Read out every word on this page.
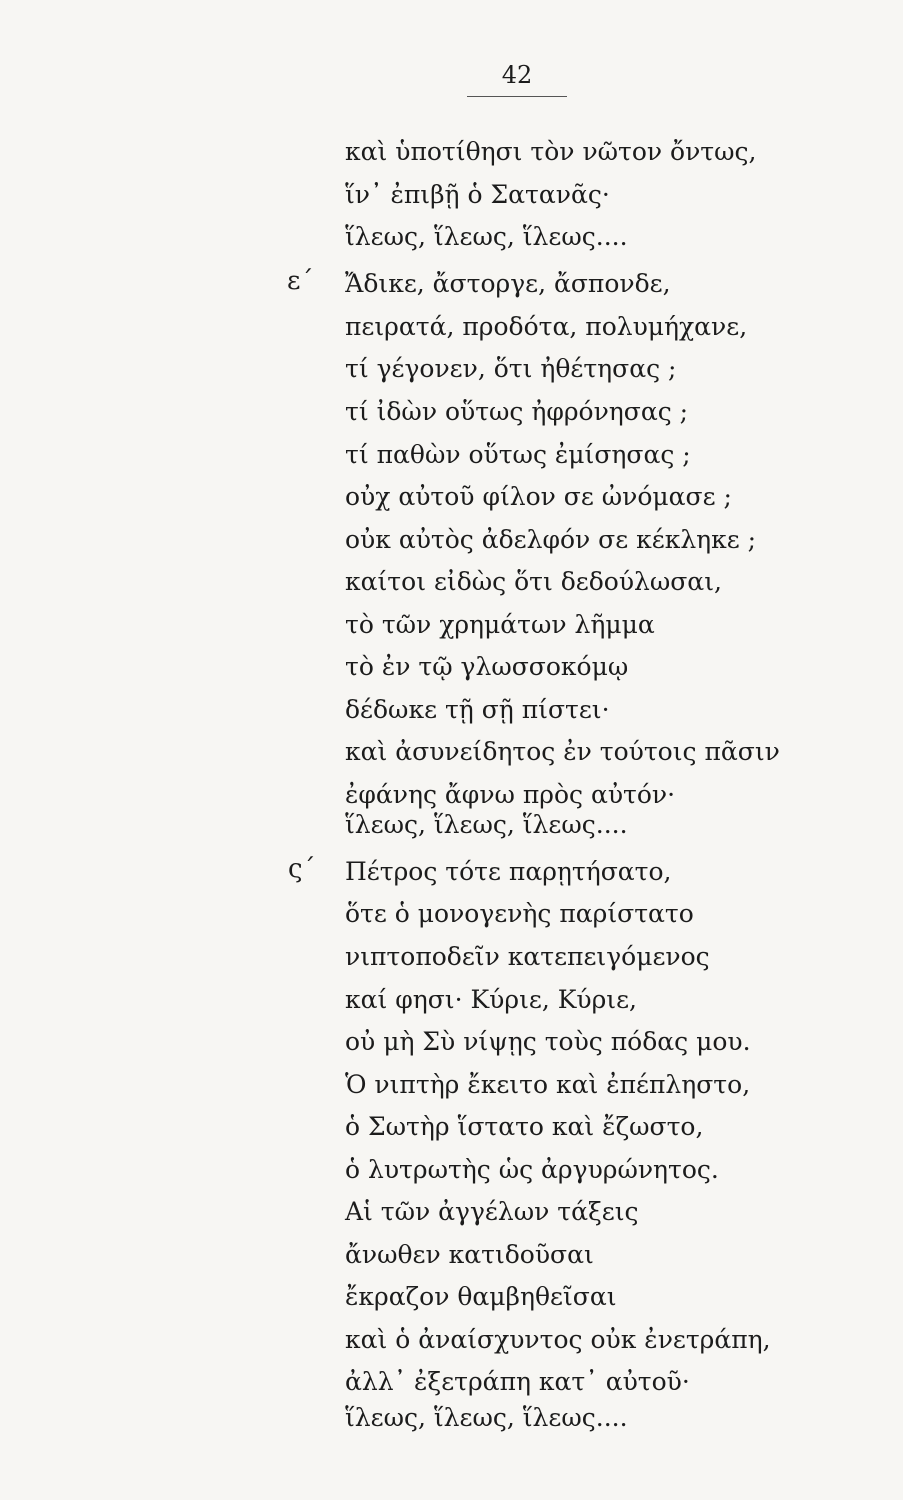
42
ε΄
καὶ ὑποτίθησι τὸν νῶτον ὄντως,
ἵν᾽ ἐπιβῇ ὁ Σατανᾶς·
ἵλεως, ἵλεως, ἵλεως....
Ἄδικε, ἄστοργε, ἄσπονδε,
πειρατά, προδότα, πολυμήχανε,
τί γέγονεν, ὅτι ἠθέτησας ;
τί ἰδὼν οὕτως ἠφρόνησας ;
τί παθὼν οὕτως ἐμίσησας ;
οὐχ αὐτοῦ φίλον σε ὠνόμασε ;
οὐκ αὐτὸς ἀδελφόν σε κέκληκε ;
καίτοι εἰδὼς ὅτι δεδούλωσαι,
τὸ τῶν χρημάτων λῆμμα
τὸ ἐν τῷ γλωσσοκόμῳ
δέδωκε τῇ σῇ πίστει·
καὶ ἀσυνείδητος ἐν τούτοις πᾶσιν
ἐφάνης ἄφνω πρὸς αὐτόν·
ἵλεως, ἵλεως, ἵλεως....
ς΄ Πέτρος τότε παρῃτήσατο,
ὅτε ὁ μονογενὴς παρίστατο
νιπτοποδεῖν κατεπειγόμενος
καί φησι· Κύριε, Κύριε,
οὐ μὴ Σὺ νίψῃς τοὺς πόδας μου.
Ὁ νιπτὴρ ἔκειτο καὶ ἐπέπληστο,
ὁ Σωτὴρ ἵστατο καὶ ἔζωστο,
ὁ λυτρωτὴς ὡς ἀργυρώνητος.
Αἱ τῶν ἀγγέλων τάξεις
ἄνωθεν κατιδοῦσαι
ἔκραζον θαμβηθεῖσαι
καὶ ὁ ἀναίσχυντος οὐκ ἐνετράπη,
ἀλλ᾽ ἐξετράπη κατ᾽ αὐτοῦ·
ἵλεως, ἵλεως, ἵλεως....
